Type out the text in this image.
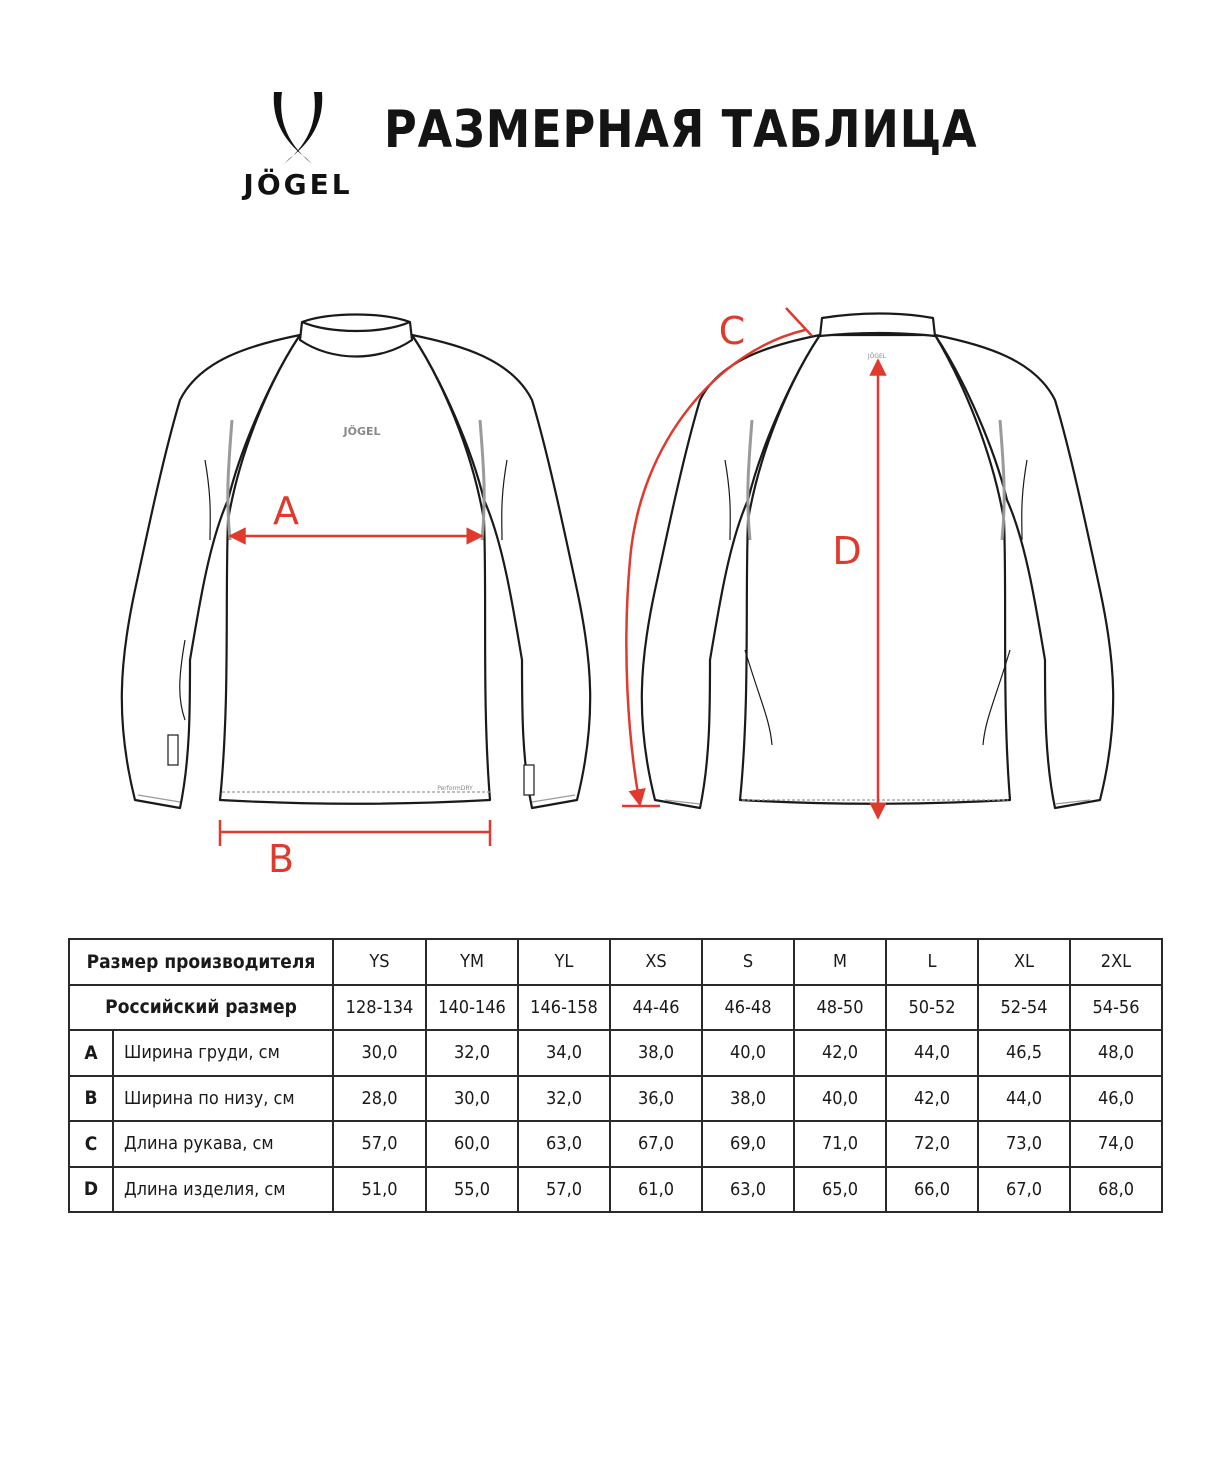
JÖGEL
РАЗМЕРНАЯ ТАБЛИЦА
JÖGEL
PerformDRY
A
B
JÖGEL
C
D
Размер производителя		YS	YM	YL	XS	S	M	L	XL	2XL
Российский размер		128-134	140-146	146-158	44-46	46-48	48-50	50-52	52-54	54-56
A	Ширина груди, см	30,0	32,0	34,0	38,0	40,0	42,0	44,0	46,5	48,0
B	Ширина по низу, см	28,0	30,0	32,0	36,0	38,0	40,0	42,0	44,0	46,0
C	Длина рукава, см	57,0	60,0	63,0	67,0	69,0	71,0	72,0	73,0	74,0
D	Длина изделия, см	51,0	55,0	57,0	61,0	63,0	65,0	66,0	67,0	68,0
